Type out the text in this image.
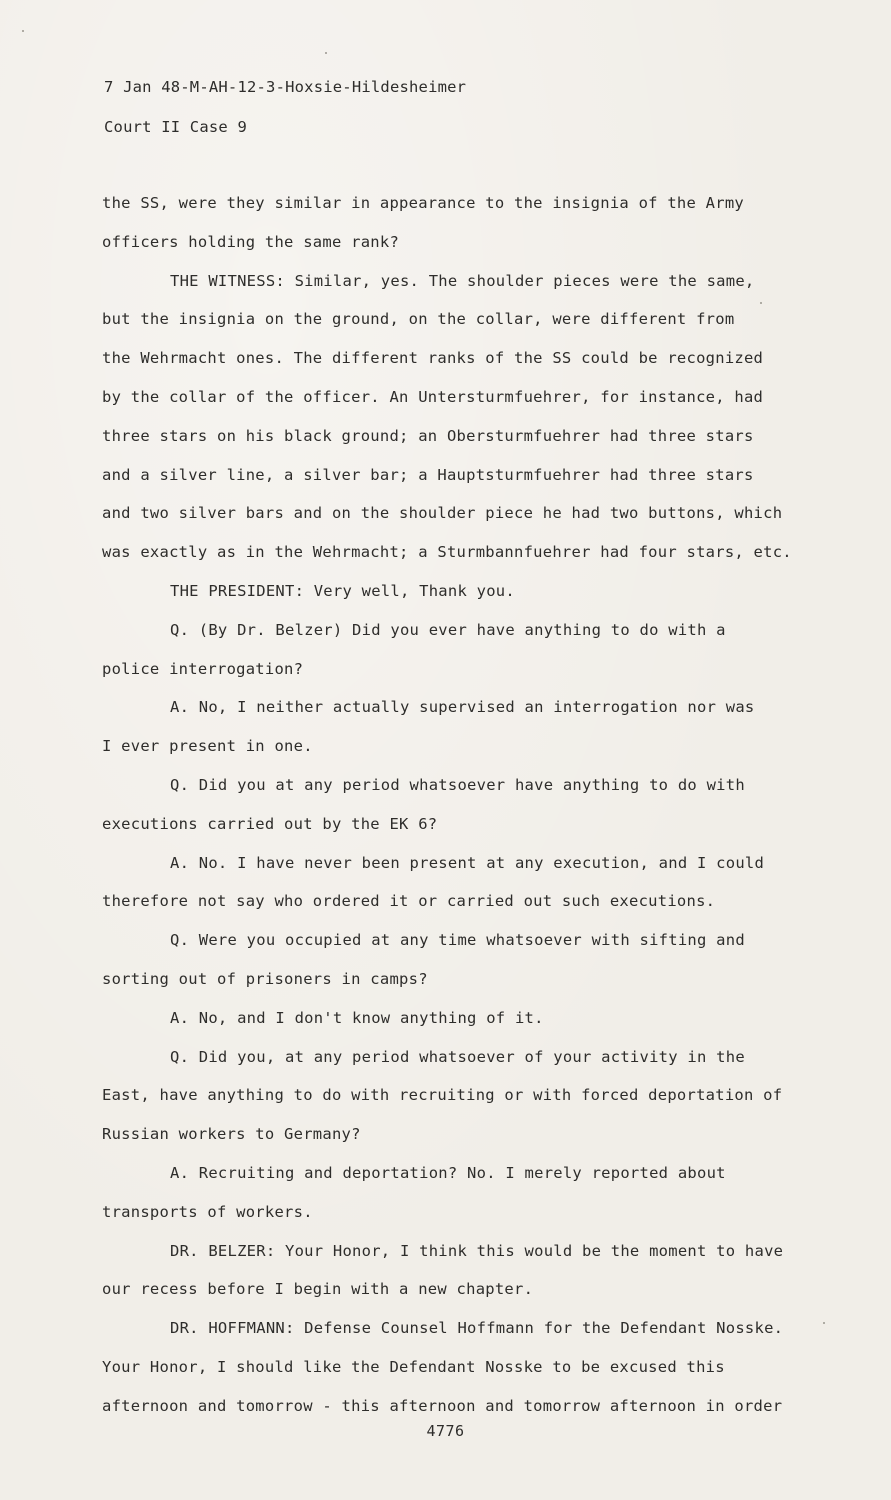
7 Jan 48-M-AH-12-3-Hoxsie-Hildesheimer
Court II Case 9
the SS, were they similar in appearance to the insignia of the Army
officers holding the same rank?
THE WITNESS: Similar, yes. The shoulder pieces were the same,
but the insignia on the ground, on the collar, were different from
the Wehrmacht ones. The different ranks of the SS could be recognized
by the collar of the officer. An Untersturmfuehrer, for instance, had
three stars on his black ground; an Obersturmfuehrer had three stars
and a silver line, a silver bar; a Hauptsturmfuehrer had three stars
and two silver bars and on the shoulder piece he had two buttons, which
was exactly as in the Wehrmacht; a Sturmbannfuehrer had four stars, etc.
THE PRESIDENT: Very well, Thank you.
Q. (By Dr. Belzer) Did you ever have anything to do with a
police interrogation?
A. No, I neither actually supervised an interrogation nor was
I ever present in one.
Q. Did you at any period whatsoever have anything to do with
executions carried out by the EK 6?
A. No. I have never been present at any execution, and I could
therefore not say who ordered it or carried out such executions.
Q. Were you occupied at any time whatsoever with sifting and
sorting out of prisoners in camps?
A. No, and I don't know anything of it.
Q. Did you, at any period whatsoever of your activity in the
East, have anything to do with recruiting or with forced deportation of
Russian workers to Germany?
A. Recruiting and deportation? No. I merely reported about
transports of workers.
DR. BELZER: Your Honor, I think this would be the moment to have
our recess before I begin with a new chapter.
DR. HOFFMANN: Defense Counsel Hoffmann for the Defendant Nosske.
Your Honor, I should like the Defendant Nosske to be excused this
afternoon and tomorrow - this afternoon and tomorrow afternoon in order
4776
